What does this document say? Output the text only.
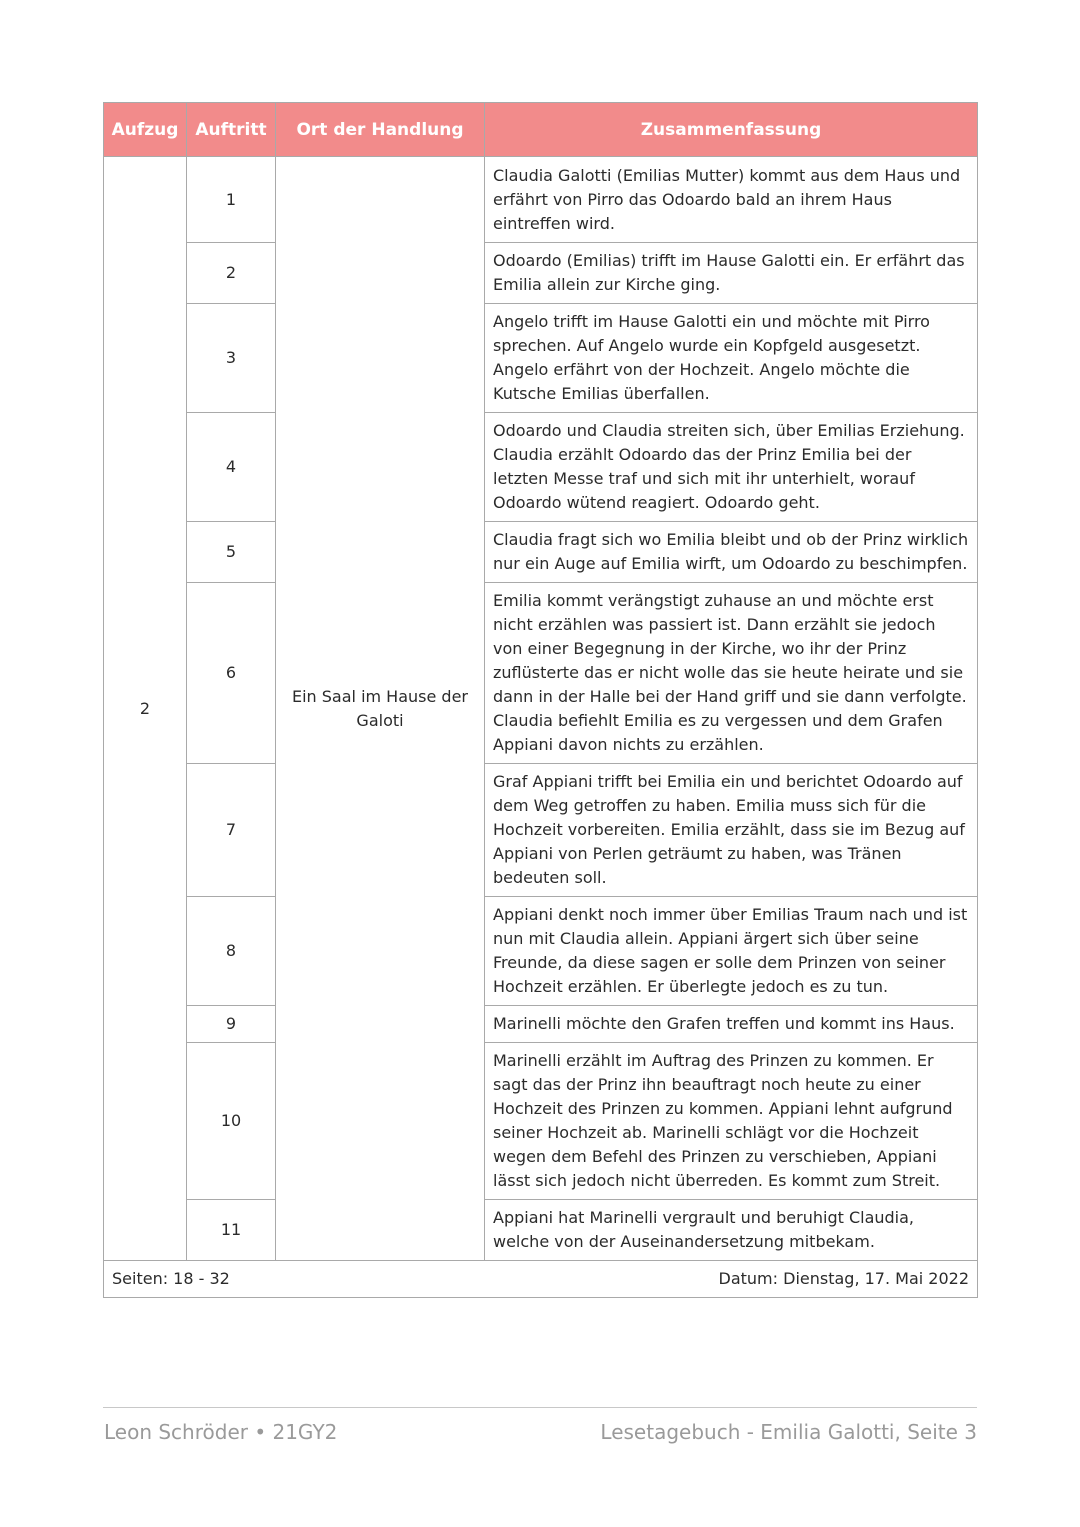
Aufzug	Auftritt	Ort der Handlung	Zusammenfassung
2	1	Ein Saal im Hause der Galoti	Claudia Galotti (Emilias Mutter) kommt aus dem Haus und erfährt von Pirro das Odoardo bald an ihrem Haus eintreffen wird.
	2		Odoardo (Emilias) trifft im Hause Galotti ein. Er erfährt das Emilia allein zur Kirche ging.
	3		Angelo trifft im Hause Galotti ein und möchte mit Pirro sprechen. Auf Angelo wurde ein Kopfgeld ausgesetzt. Angelo erfährt von der Hochzeit. Angelo möchte die Kutsche Emilias überfallen.
	4		Odoardo und Claudia streiten sich, über Emilias Erziehung. Claudia erzählt Odoardo das der Prinz Emilia bei der letzten Messe traf und sich mit ihr unterhielt, worauf Odoardo wütend reagiert. Odoardo geht.
	5		Claudia fragt sich wo Emilia bleibt und ob der Prinz wirklich nur ein Auge auf Emilia wirft, um Odoardo zu beschimpfen.
	6		Emilia kommt verängstigt zuhause an und möchte erst nicht erzählen was passiert ist. Dann erzählt sie jedoch von einer Begegnung in der Kirche, wo ihr der Prinz zuflüsterte das er nicht wolle das sie heute heirate und sie dann in der Halle bei der Hand griff und sie dann verfolgte.
Claudia befiehlt Emilia es zu vergessen und dem Grafen Appiani davon nichts zu erzählen.
	7		Graf Appiani trifft bei Emilia ein und berichtet Odoardo auf dem Weg getroffen zu haben. Emilia muss sich für die Hochzeit vorbereiten. Emilia erzählt, dass sie im Bezug auf Appiani von Perlen geträumt zu haben, was Tränen bedeuten soll.
	8		Appiani denkt noch immer über Emilias Traum nach und ist nun mit Claudia allein. Appiani ärgert sich über seine Freunde, da diese sagen er solle dem Prinzen von seiner Hochzeit erzählen. Er überlegte jedoch es zu tun.
	9		Marinelli möchte den Grafen treffen und kommt ins Haus.
	10		Marinelli erzählt im Auftrag des Prinzen zu kommen. Er sagt das der Prinz ihn beauftragt noch heute zu einer Hochzeit des Prinzen zu kommen. Appiani lehnt aufgrund seiner Hochzeit ab. Marinelli schlägt vor die Hochzeit wegen dem Befehl des Prinzen zu verschieben, Appiani lässt sich jedoch nicht überreden. Es kommt zum Streit.
	11		Appiani hat Marinelli vergrault und beruhigt Claudia, welche von der Auseinandersetzung mitbekam.

Seiten: 18 - 32 Datum: Dienstag, 17. Mai 2022			
Leon Schröder • 21GY2	Lesetagebuch - Emilia Galotti, Seite 3
